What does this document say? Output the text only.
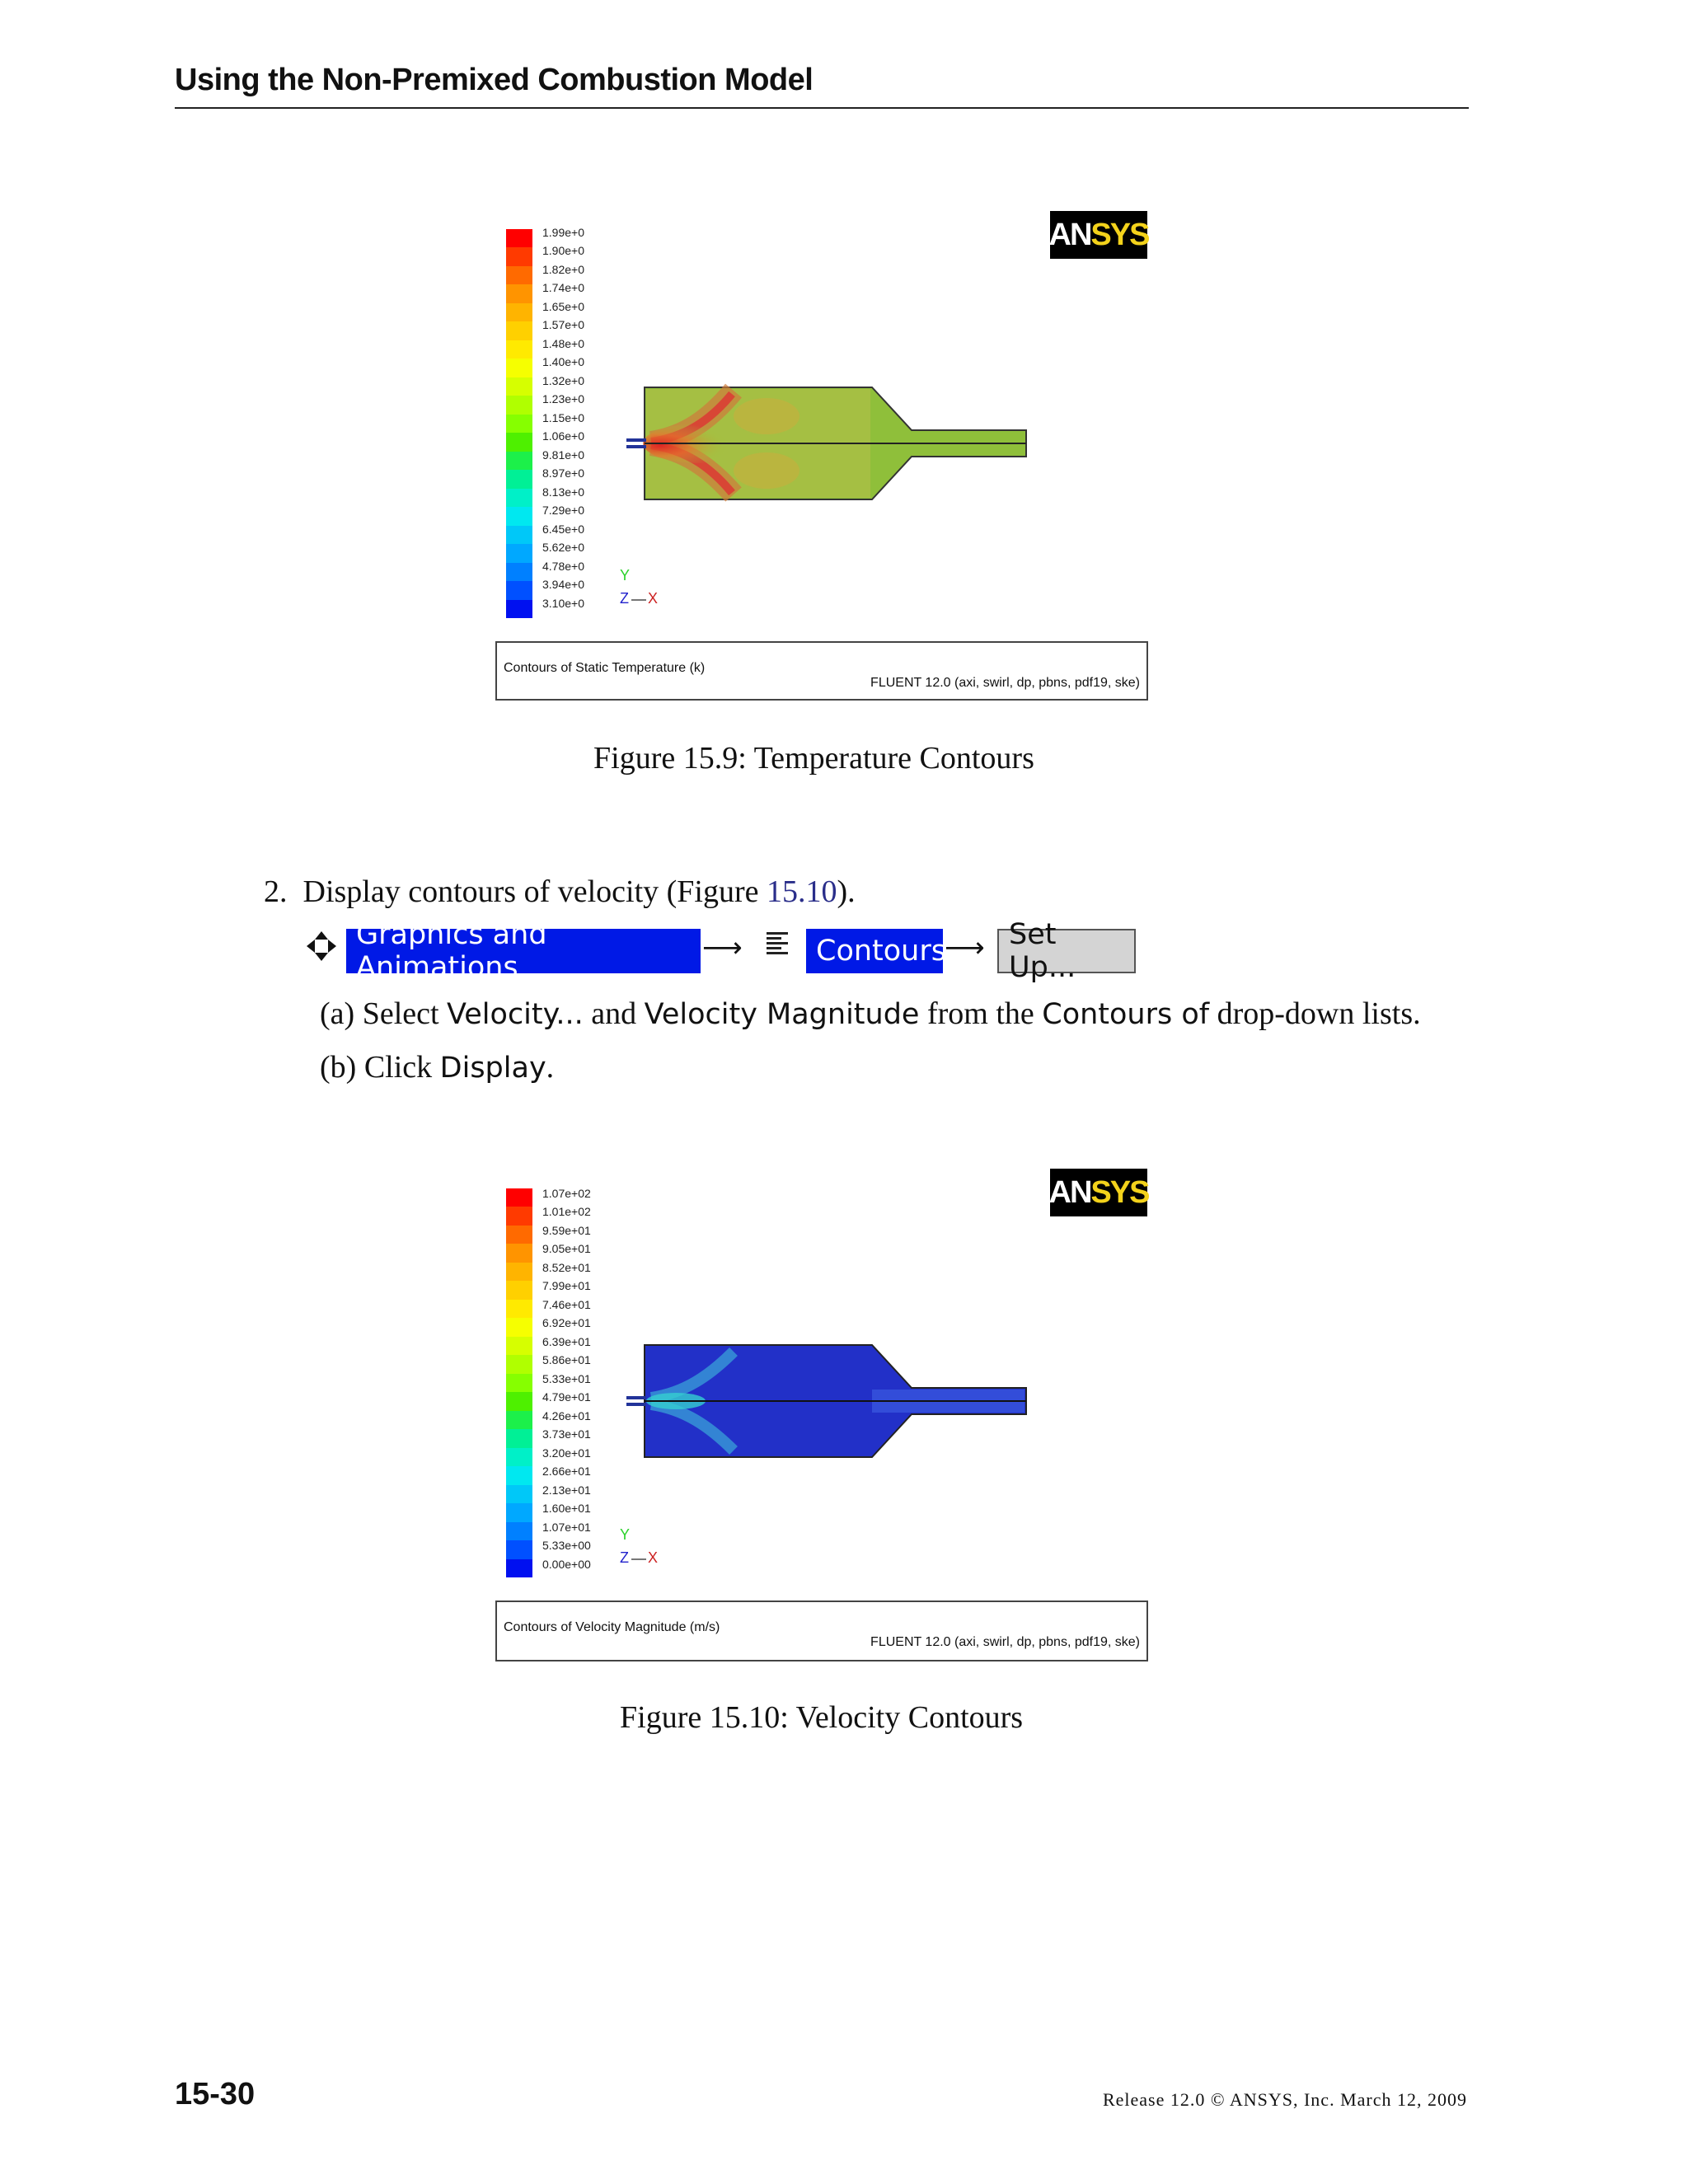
Using the Non-Premixed Combustion Model
1.99e+0
1.90e+0
1.82e+0
1.74e+0
1.65e+0
1.57e+0
1.48e+0
1.40e+0
1.32e+0
1.23e+0
1.15e+0
1.06e+0
9.81e+0
8.97e+0
8.13e+0
7.29e+0
6.45e+0
5.62e+0
4.78e+0
3.94e+0
3.10e+0
AN SYS
Y
Z X
Contours of Static Temperature (k)
FLUENT 12.0 (axi, swirl, dp, pbns, pdf19, ske)
Figure 15.9: Temperature Contours
2. Display contours of velocity (Figure 15.10).
Graphics and Animations
⟶	Contours
⟶ Set Up...
(a) Select Velocity... and Velocity Magnitude from the Contours of drop-down lists.
(b) Click Display.
1.07e+02
1.01e+02
9.59e+01
9.05e+01
8.52e+01
7.99e+01
7.46e+01
6.92e+01
6.39e+01
5.86e+01
5.33e+01
4.79e+01
4.26e+01
3.73e+01
3.20e+01
2.66e+01
2.13e+01
1.60e+01
1.07e+01
5.33e+00
0.00e+00
AN SYS
Y
Z X
Contours of Velocity Magnitude (m/s)
FLUENT 12.0 (axi, swirl, dp, pbns, pdf19, ske)
Figure 15.10: Velocity Contours
15-30	Release 12.0 © ANSYS, Inc. March 12, 2009
